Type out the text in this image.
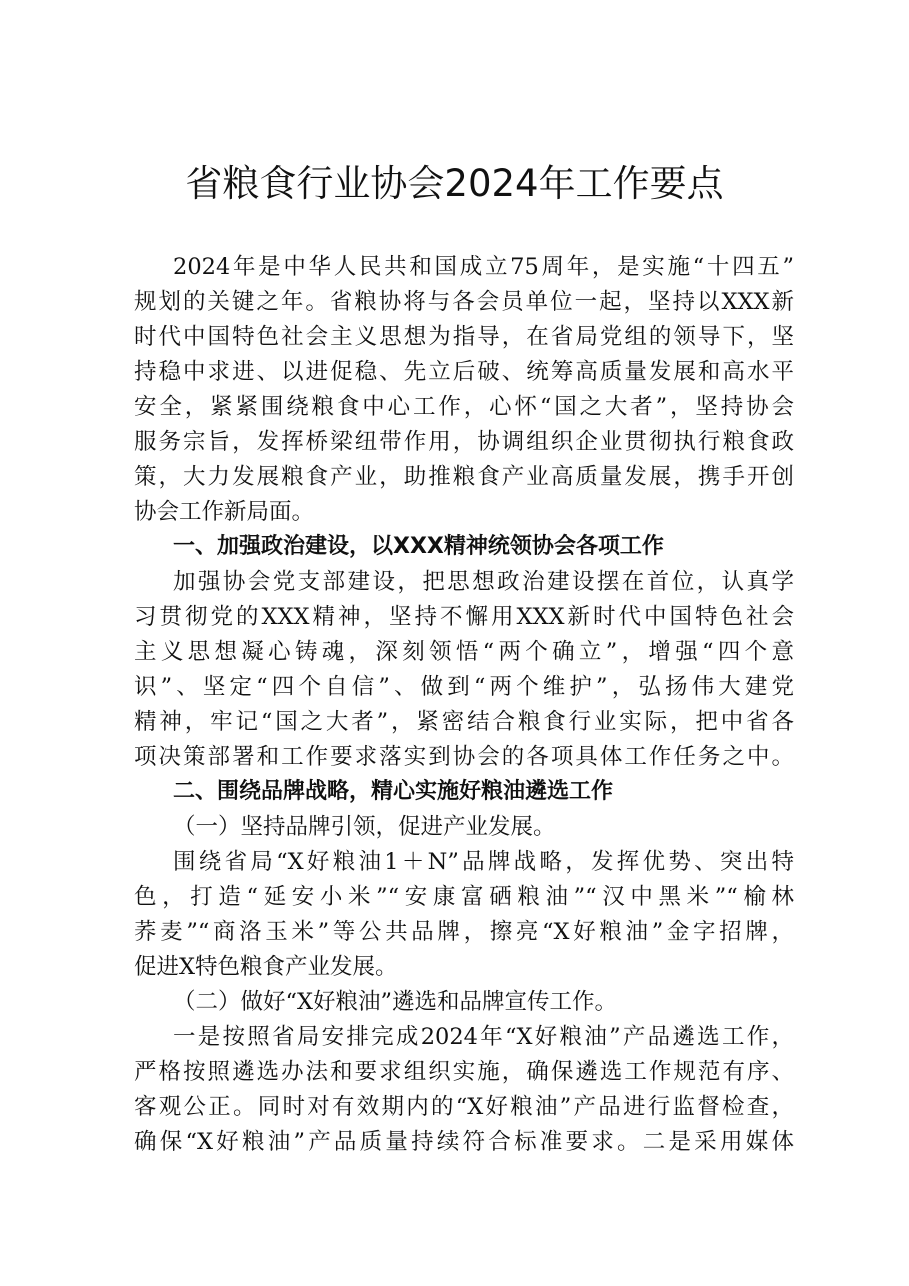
省粮食行业协会2024年工作要点

2024年是中华人民共和国成立75周年，是实施“十四五”

规划的关键之年。省粮协将与各会员单位一起，坚持以XXX新

时代中国特色社会主义思想为指导，在省局党组的领导下，坚

持稳中求进、以进促稳、先立后破、统筹高质量发展和高水平

安全，紧紧围绕粮食中心工作，心怀“国之大者”，坚持协会

服务宗旨，发挥桥梁纽带作用，协调组织企业贯彻执行粮食政

策，大力发展粮食产业，助推粮食产业高质量发展，携手开创

协会工作新局面。

一、加强政治建设，以XXX精神统领协会各项工作

加强协会党支部建设，把思想政治建设摆在首位，认真学

习贯彻党的XXX精神，坚持不懈用XXX新时代中国特色社会

主义思想凝心铸魂，深刻领悟“两个确立”，增强“四个意

识”、坚定“四个自信”、做到“两个维护”，弘扬伟大建党

精神，牢记“国之大者”，紧密结合粮食行业实际，把中省各

项决策部署和工作要求落实到协会的各项具体工作任务之中。

二、围绕品牌战略，精心实施好粮油遴选工作

（一）坚持品牌引领，促进产业发展。

围绕省局“X好粮油1＋N”品牌战略，发挥优势、突出特

色，打造“延安小米”“安康富硒粮油”“汉中黑米”“榆林

荞麦”“商洛玉米”等公共品牌，擦亮“X好粮油”金字招牌，

促进X特色粮食产业发展。

（二）做好“X好粮油”遴选和品牌宣传工作。

一是按照省局安排完成2024年“X好粮油”产品遴选工作，

严格按照遴选办法和要求组织实施，确保遴选工作规范有序、

客观公正。同时对有效期内的“X好粮油”产品进行监督检查，

确保“X好粮油”产品质量持续符合标准要求。二是采用媒体
